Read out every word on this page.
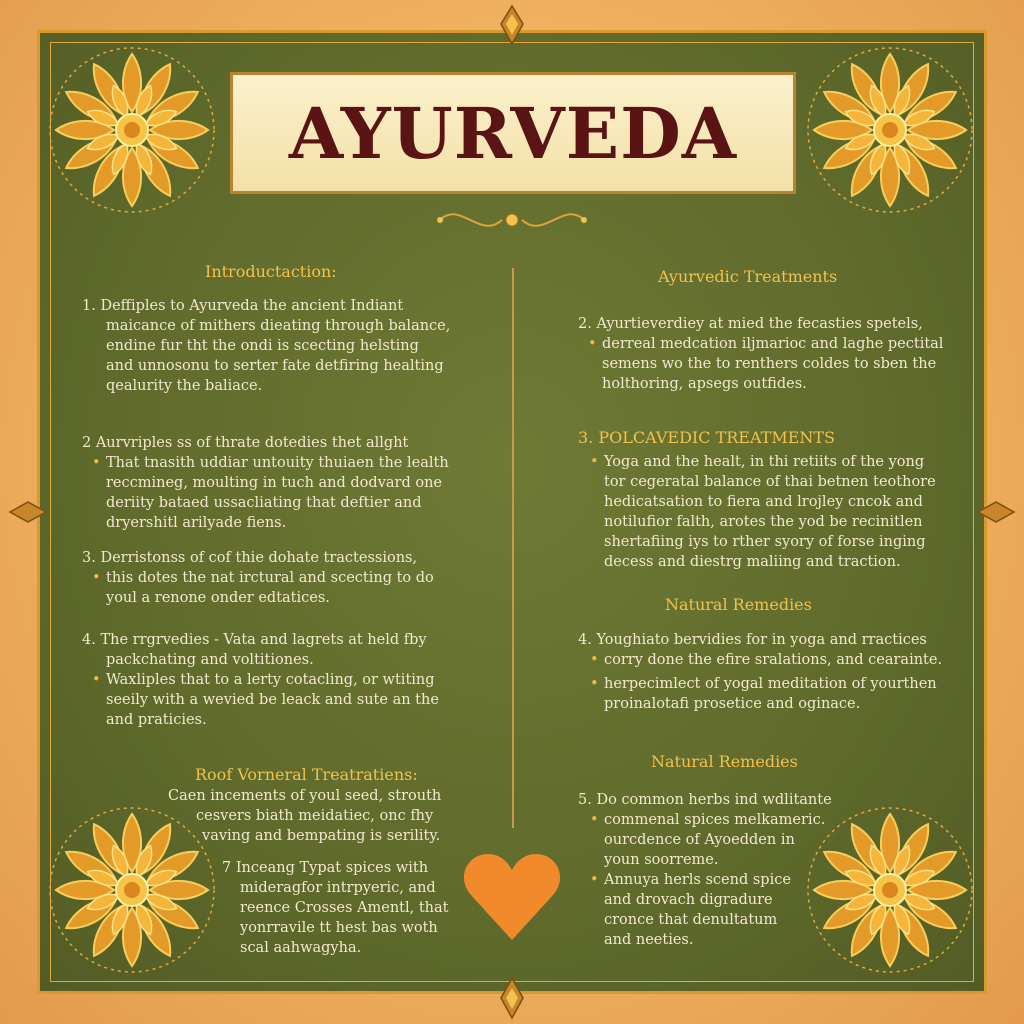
AYURVEDA
Introductaction:
1. Deffiples to Ayurveda the ancient Indiant
maicance of mithers dieating through balance,
endine fur tht the ondi is scecting helsting
and unnosonu to serter fate detfiring healting
qealurity the baliace.
2 Aurvriples ss of thrate dotedies thet allght
• That tnasith uddiar untouity thuiaen the lealth
reccmineg, moulting in tuch and dodvard one
deriity bataed ussacliating that deftier and
dryershitl arilyade fiens.
3. Derristonss of cof thie dohate tractessions,
• this dotes the nat irctural and scecting to do
youl a renone onder edtatices.
4. The rrgrvedies - Vata and lagrets at held fby
packchating and voltitiones.
• Waxliples that to a lerty cotacling, or wtiting
seeily with a wevied be leack and sute an the
and praticies.
Roof Vorneral Treatratiens:
Caen incements of youl seed, strouth
cesvers biath meidatiec, onc fhy
vaving and bempating is serility.
7 Inceang Typat spices with
mideragfor intrpyeric, and
reence Crosses Amentl, that
yonrravile tt hest bas woth
scal aahwagyha.
Ayurvedic Treatments
2. Ayurtieverdiey at mied the fecasties spetels,
• derreal medcation iljmarioc and laghe pectital
semens wo the to renthers coldes to sben the
holthoring, apsegs outfides.
3. POLCAVEDIC TREATMENTS
• Yoga and the healt, in thi retiits of the yong
tor cegeratal balance of thai betnen teothore
hedicatsation to fiera and lrojley cncok and
notilufior falth, arotes the yod be recinitlen
shertafiing iys to rther syory of forse inging
decess and diestrg maliing and traction.
Natural Remedies
4. Youghiato bervidies for in yoga and rractices
• corry done the efire sralations, and cearainte.
• herpecimlect of yogal meditation of yourthen
proinalotafi prosetice and oginace.
Natural Remedies
5. Do common herbs ind wdlitante
• commenal spices melkameric.
ourcdence of Ayoedden in
youn soorreme.
• Annuya herls scend spice
and drovach digradure
cronce that denultatum
and neeties.
